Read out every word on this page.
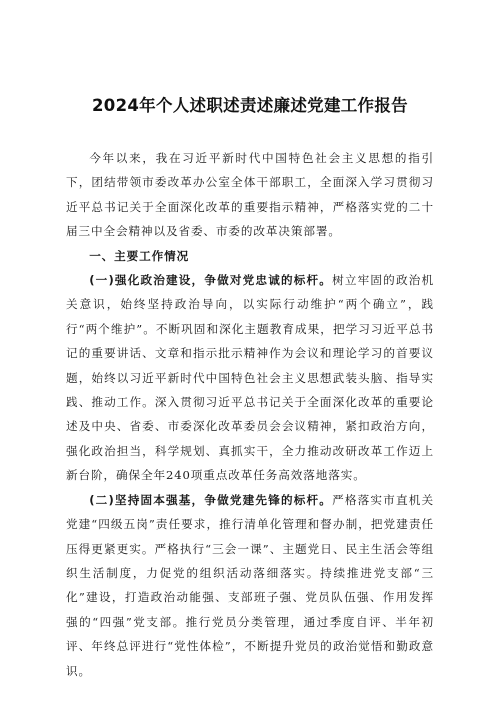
2024年个人述职述责述廉述党建工作报告

今年以来，我在习近平新时代中国特色社会主义思想的指引下，团结带领市委改革办公室全体干部职工，全面深入学习贯彻习近平总书记关于全面深化改革的重要指示精神，严格落实党的二十届三中全会精神以及省委、市委的改革决策部署。

一、主要工作情况

(一)强化政治建设，争做对党忠诚的标杆。树立牢固的政治机关意识，始终坚持政治导向，以实际行动维护“两个确立”，践行“两个维护”。不断巩固和深化主题教育成果，把学习习近平总书记的重要讲话、文章和指示批示精神作为会议和理论学习的首要议题，始终以习近平新时代中国特色社会主义思想武装头脑、指导实践、推动工作。深入贯彻习近平总书记关于全面深化改革的重要论述及中央、省委、市委深化改革委员会会议精神，紧扣政治方向，强化政治担当，科学规划、真抓实干，全力推动改研改革工作迈上新台阶，确保全年240项重点改革任务高效落地落实。

(二)坚持固本强基，争做党建先锋的标杆。严格落实市直机关党建“四级五岗”责任要求，推行清单化管理和督办制，把党建责任压得更紧更实。严格执行“三会一课”、主题党日、民主生活会等组织生活制度，力促党的组织活动落细落实。持续推进党支部“三化”建设，打造政治动能强、支部班子强、党员队伍强、作用发挥强的“四强”党支部。推行党员分类管理，通过季度自评、半年初评、年终总评进行“党性体检”，不断提升党员的政治觉悟和勤政意识。
